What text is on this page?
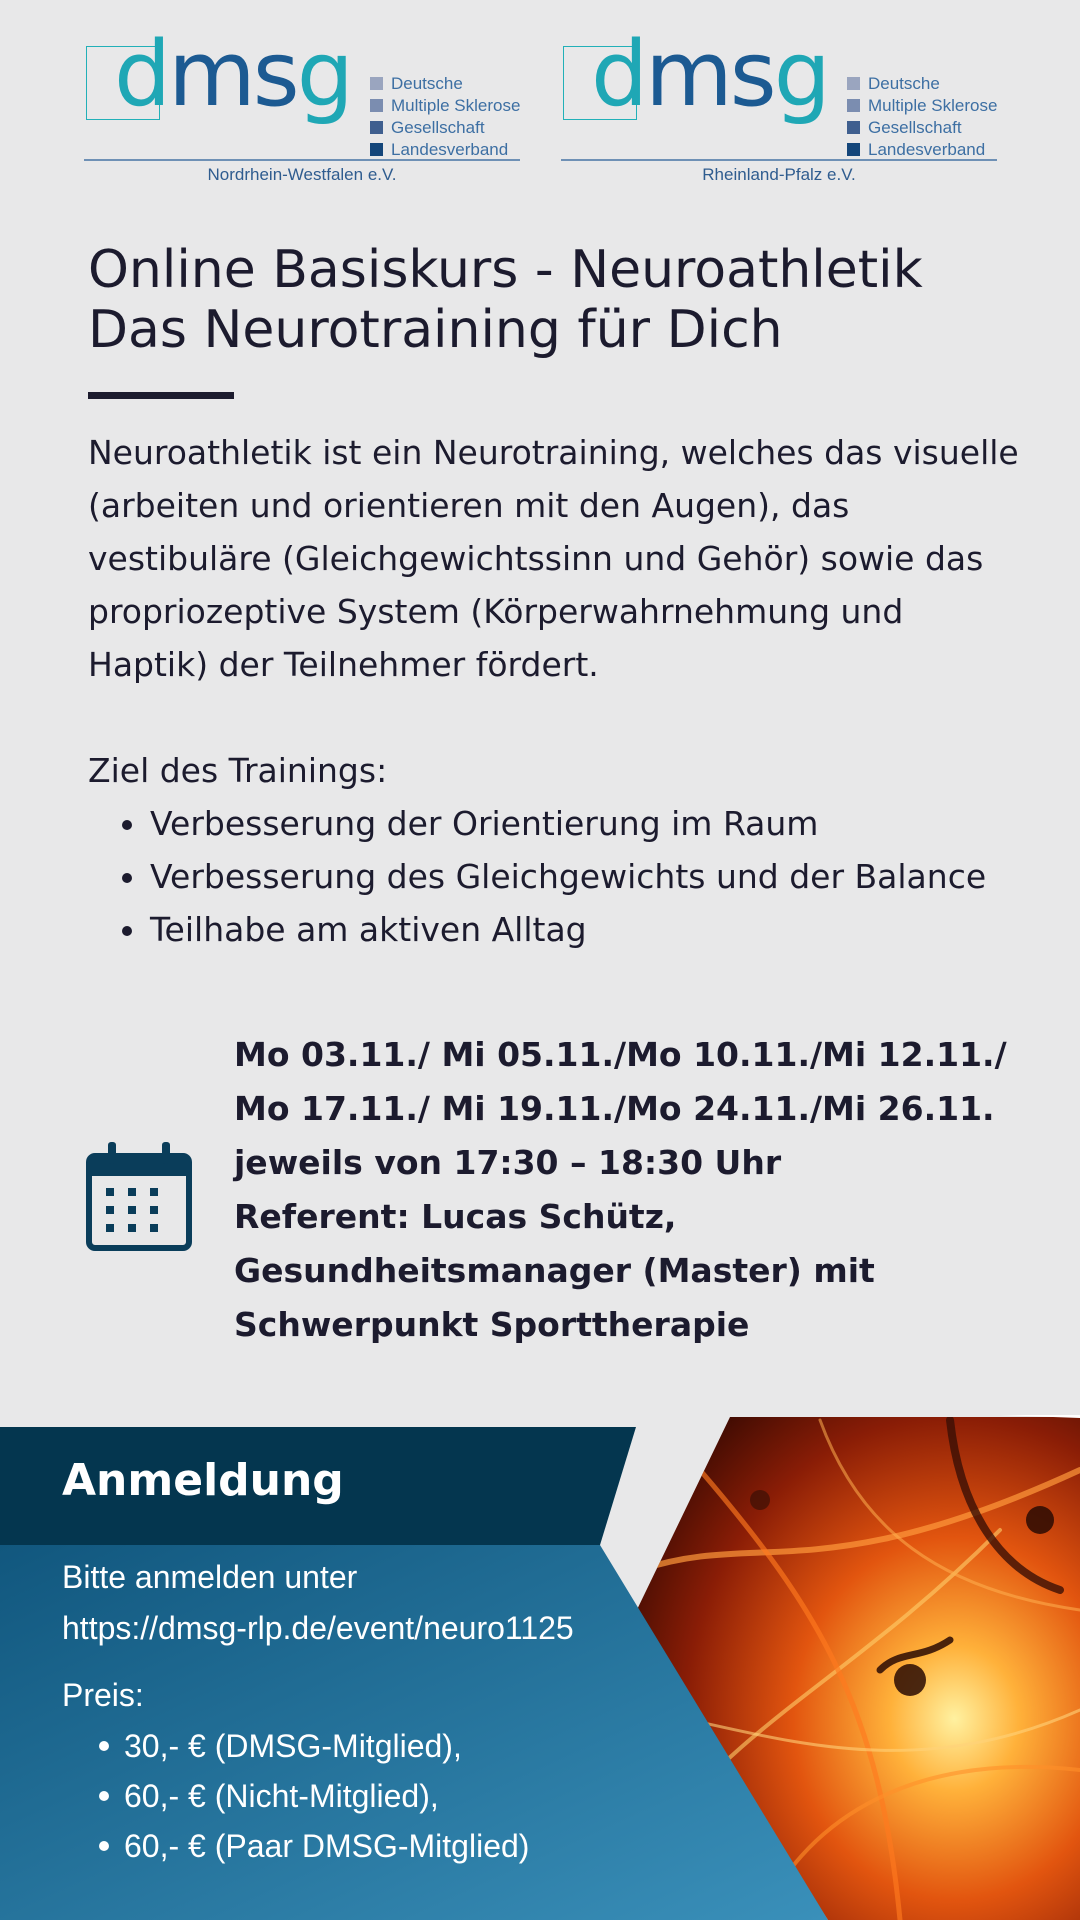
dmsg Deutsche
Multiple Sklerose
Gesellschaft
Landesverband
Nordrhein-Westfalen e.V.
dmsg Deutsche
Multiple Sklerose
Gesellschaft
Landesverband
Rheinland-Pfalz e.V.
Online Basiskurs - Neuroathletik
Das Neurotraining für Dich

Neuroathletik ist ein Neurotraining, welches das visuelle (arbeiten und orientieren mit den Augen), das vestibuläre (Gleichgewichtssinn und Gehör) sowie das propriozeptive System (Körperwahrnehmung und Haptik) der Teilnehmer fördert.

Ziel des Trainings:
Verbesserung der Orientierung im Raum
Verbesserung des Gleichgewichts und der Balance
Teilhabe am aktiven Alltag
Mo 03.11./ Mi 05.11./Mo 10.11./Mi 12.11./
Mo 17.11./ Mi 19.11./Mo 24.11./Mi 26.11.
jeweils von 17:30 – 18:30 Uhr
Referent: Lucas Schütz,
Gesundheitsmanager (Master) mit
Schwerpunkt Sporttherapie
Anmeldung
Bitte anmelden unter
https://dmsg-rlp.de/event/neuro1125
Preis:
30,- € (DMSG-Mitglied),
60,- € (Nicht-Mitglied),
60,- € (Paar DMSG-Mitglied)
